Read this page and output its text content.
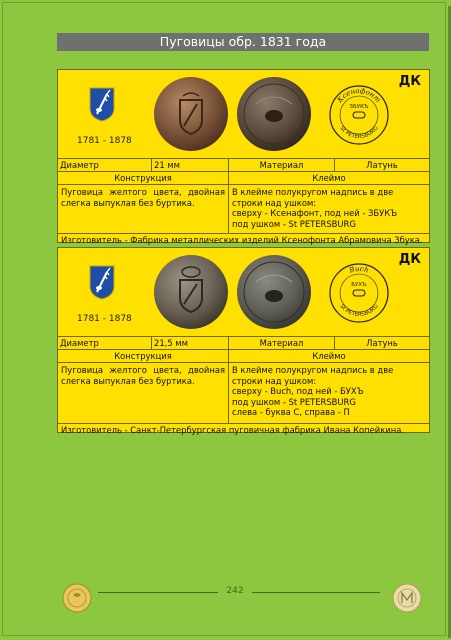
Пуговицы обр. 1831 года
1781 - 1878
Ксенафонт
ЗБУКЪ
St PETERSBURG
ДК
Диаметр	21 мм	Материал	Латунь
Конструкция	Клеймо
Пуговица желтого цвета, двойная слегка выпуклая без буртика.
В клейме полукругом надпись в две строки над ушком:
сверху - Ксенафонт, под ней - ЗБУКЪ
под ушком - St PETERSBURG
Изготовитель - Фабрика металлических изделий Ксенофонта Абрамовича Збука.
1781 - 1878
Buch
БУХЪ
St PETERSBURG
ДК
Диаметр	21,5 мм	Материал	Латунь
Конструкция	Клеймо
Пуговица желтого цвета, двойная слегка выпуклая без буртика.
В клейме полукругом надпись в две строки над ушком:
сверху - Buch, под ней - БУХЪ
под ушком - St PETERSBURG
слева - буква С, справа - П
Изготовитель - Санкт-Петербургская пуговичная фабрика Ивана Копейкина.
242
